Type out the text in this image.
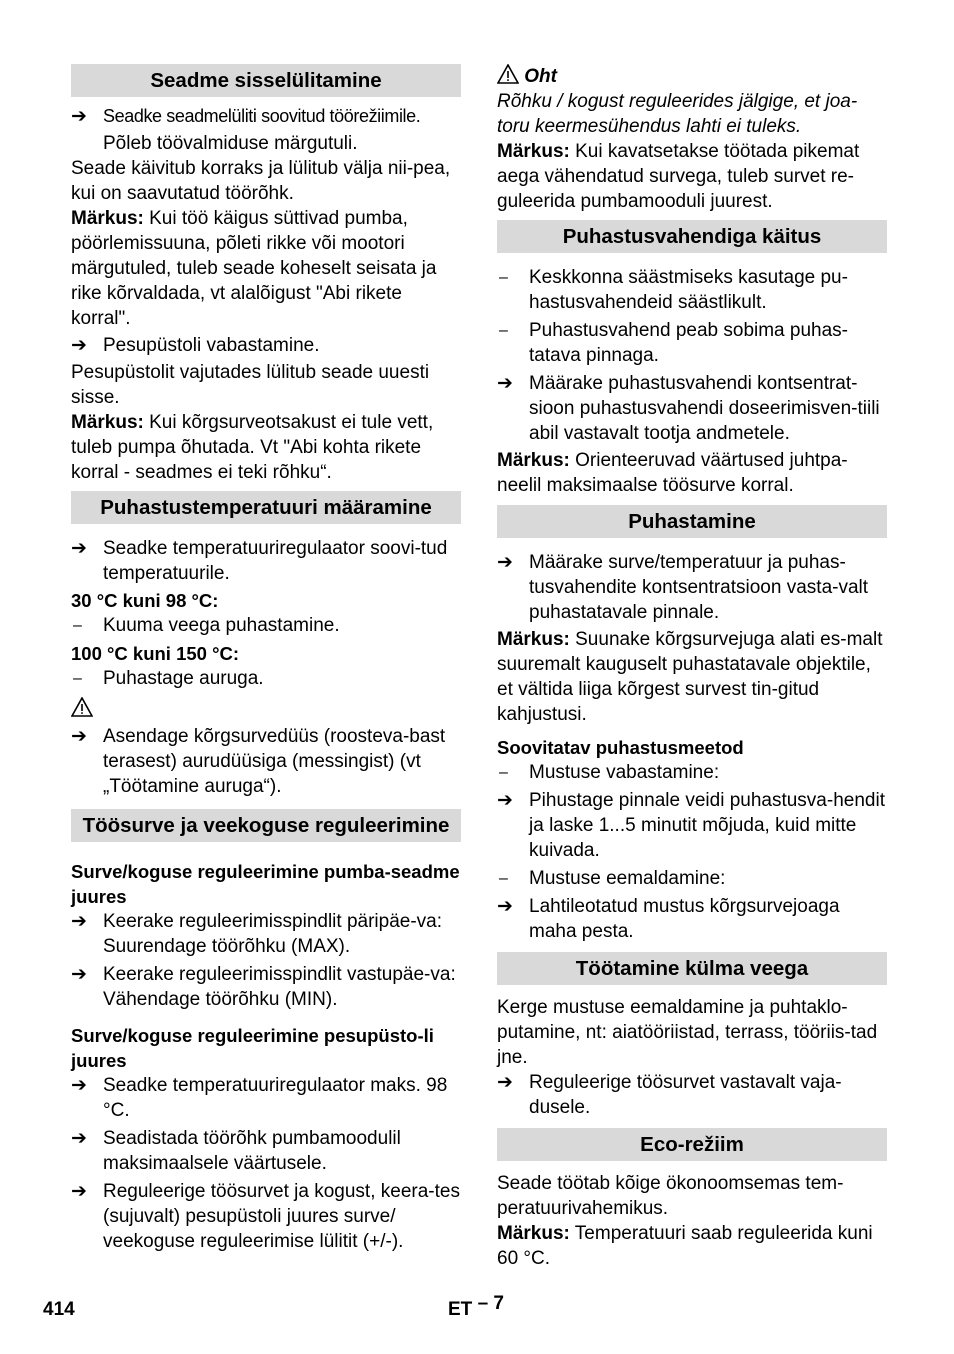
Seadme sisselülitamine
➔ Seadke seadmelüliti soovitud töörežiimile.

Põleb töövalmiduse märgutuli.

Seade käivitub korraks ja lülitub välja nii-pea, kui on saavutatud töörõhk.

Märkus: Kui töö käigus süttivad pumba, pöörlemissuuna, põleti rikke või mootori märgutuled, tuleb seade koheselt seisata ja rike kõrvaldada, vt alalõigust "Abi rikete korral".

➔ Pesupüstoli vabastamine.

Pesupüstolit vajutades lülitub seade uuesti sisse.

Märkus: Kui kõrgsurveotsakust ei tule vett, tuleb pumpa õhutada. Vt "Abi kohta rikete korral - seadmes ei teki rõhku“.

Puhastustemperatuuri määramine
➔ Seadke temperatuuriregulaator soovi-tud temperatuurile.

30 °C kuni 98 °C:

–	Kuuma veega puhastamine.

100 °C kuni 150 °C:

–	Puhastage auruga.
➔ Asendage kõrgsurvedüüs (roosteva-bast terasest) aurudüüsiga (messingist) (vt „Töötamine auruga“).
Töösurve ja veekoguse reguleerimine

Surve/koguse reguleerimine pumba-seadme juures

➔ Keerake reguleerimisspindlit päripäe-va: Suurendage töörõhku (MAX).
➔ Keerake reguleerimisspindlit vastupäe-va: Vähendage töörõhku (MIN).

Surve/koguse reguleerimine pesupüsto-li juures

➔ Seadke temperatuuriregulaator maks. 98 °C.
➔ Seadistada töörõhk pumbamoodulil maksimaalsele väärtusele.
➔ Reguleerige töösurvet ja kogust, keera-tes (sujuvalt) pesupüstoli juures surve/ veekoguse reguleerimise lülitit (+/-).

Oht

Rõhku / kogust reguleerides jälgige, et joa-toru keermesühendus lahti ei tuleks.

Märkus: Kui kavatsetakse töötada pikemat aega vähendatud survega, tuleb survet re-guleerida pumbamooduli juurest.

Puhastusvahendiga käitus
–	Keskkonna säästmiseks kasutage pu-hastusvahendeid säästlikult.
–	Puhastusvahend peab sobima puhas-tatava pinnaga.
➔ Määrake puhastusvahendi kontsentrat-sioon puhastusvahendi doseerimisven-tiili abil vastavalt tootja andmetele.

Märkus: Orienteeruvad väärtused juhtpa-neelil maksimaalse töösurve korral.

Puhastamine
➔ Määrake surve/temperatuur ja puhas-tusvahendite kontsentratsioon vasta-valt puhastatavale pinnale.

Märkus: Suunake kõrgsurvejuga alati es-malt suuremalt kauguselt puhastatavale objektile, et vältida liiga kõrgest survest tin-gitud kahjustusi.

Soovitatav puhastusmeetod

–	Mustuse vabastamine:
➔ Pihustage pinnale veidi puhastusva-hendit ja laske 1...5 minutit mõjuda, kuid mitte kuivada.
–	Mustuse eemaldamine:
➔ Lahtileotatud mustus kõrgsurvejoaga maha pesta.
Töötamine külma veega

Kerge mustuse eemaldamine ja puhtaklo-putamine, nt: aiatööriistad, terrass, tööriis-tad jne.

➔ Reguleerige töösurvet vastavalt vaja-dusele.
Eco-režiim

Seade töötab kõige ökonoomsemas tem-peratuurivahemikus.

Märkus: Temperatuuri saab reguleerida kuni 60 °C.

414	ET – 7
